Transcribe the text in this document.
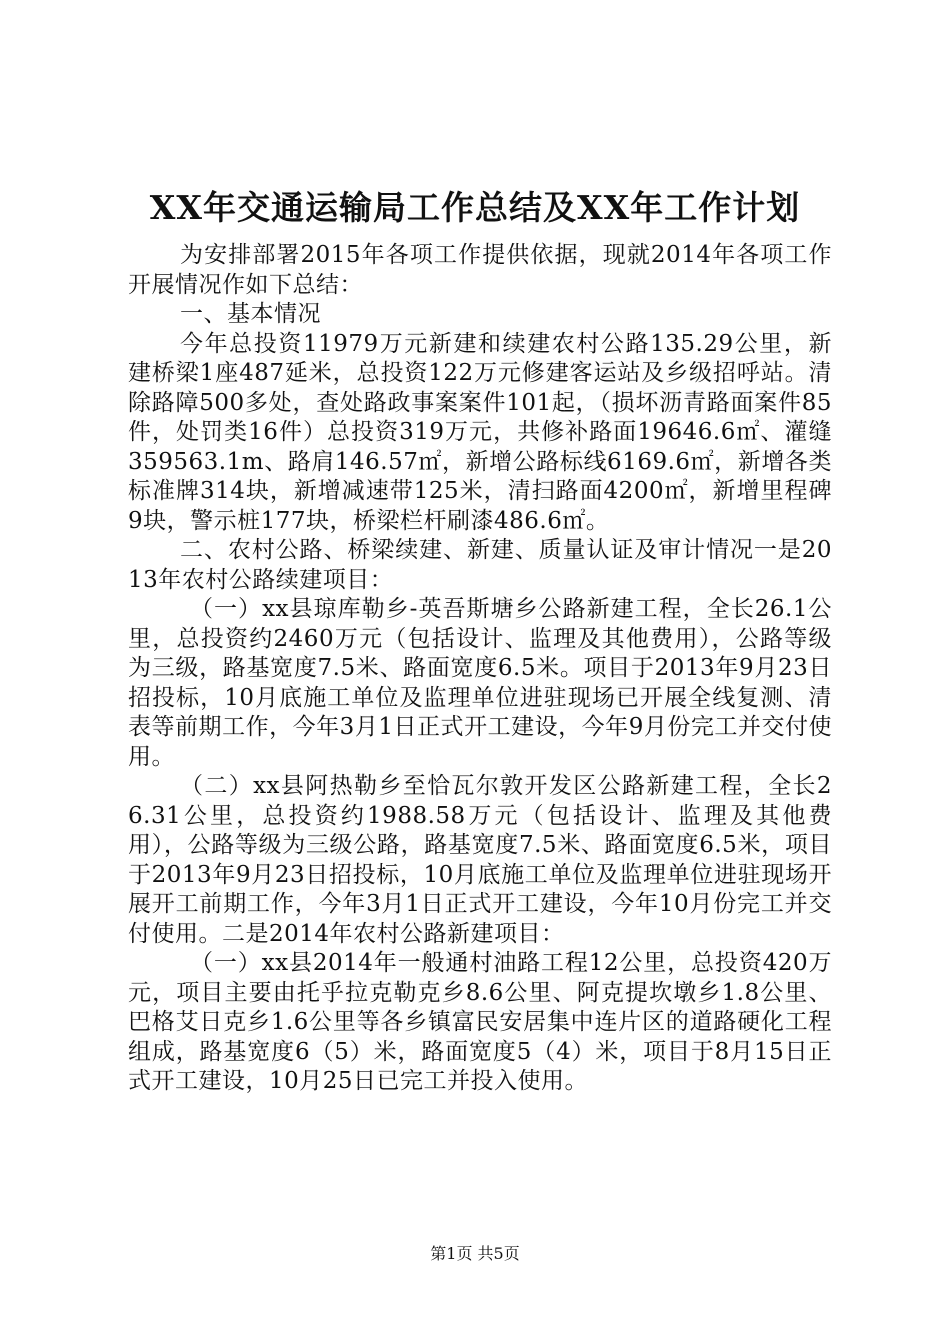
XX年交通运输局工作总结及XX年工作计划

为安排部署2015年各项工作提供依据，现就2014年各项工作开展情况作如下总结：

一、基本情况

今年总投资11979万元新建和续建农村公路135.29公里，新建桥梁1座487延米，总投资122万元修建客运站及乡级招呼站。清除路障500多处，查处路政事案案件101起，（损坏沥青路面案件85件，处罚类16件）总投资319万元，共修补路面19646.6㎡、灌缝359563.1m、路肩146.57㎡，新增公路标线6169.6㎡，新增各类标准牌314块，新增减速带125米，清扫路面4200㎡，新增里程碑9块，警示桩177块，桥梁栏杆刷漆486.6㎡。

二、农村公路、桥梁续建、新建、质量认证及审计情况一是2013年农村公路续建项目：

（一）xx县琼库勒乡-英吾斯塘乡公路新建工程，全长26.1公里，总投资约2460万元（包括设计、监理及其他费用），公路等级为三级，路基宽度7.5米、路面宽度6.5米。项目于2013年9月23日招投标，10月底施工单位及监理单位进驻现场已开展全线复测、清表等前期工作，今年3月1日正式开工建设，今年9月份完工并交付使用。

（二）xx县阿热勒乡至恰瓦尔敦开发区公路新建工程，全长26.31公里，总投资约1988.58万元（包括设计、监理及其他费用），公路等级为三级公路，路基宽度7.5米、路面宽度6.5米，项目于2013年9月23日招投标，10月底施工单位及监理单位进驻现场开展开工前期工作，今年3月1日正式开工建设，今年10月份完工并交付使用。二是2014年农村公路新建项目：

（一）xx县2014年一般通村油路工程12公里，总投资420万元，项目主要由托乎拉克勒克乡8.6公里、阿克提坎墩乡1.8公里、巴格艾日克乡1.6公里等各乡镇富民安居集中连片区的道路硬化工程组成，路基宽度6（5）米，路面宽度5（4）米，项目于8月15日正式开工建设，10月25日已完工并投入使用。

第1页 共5页
